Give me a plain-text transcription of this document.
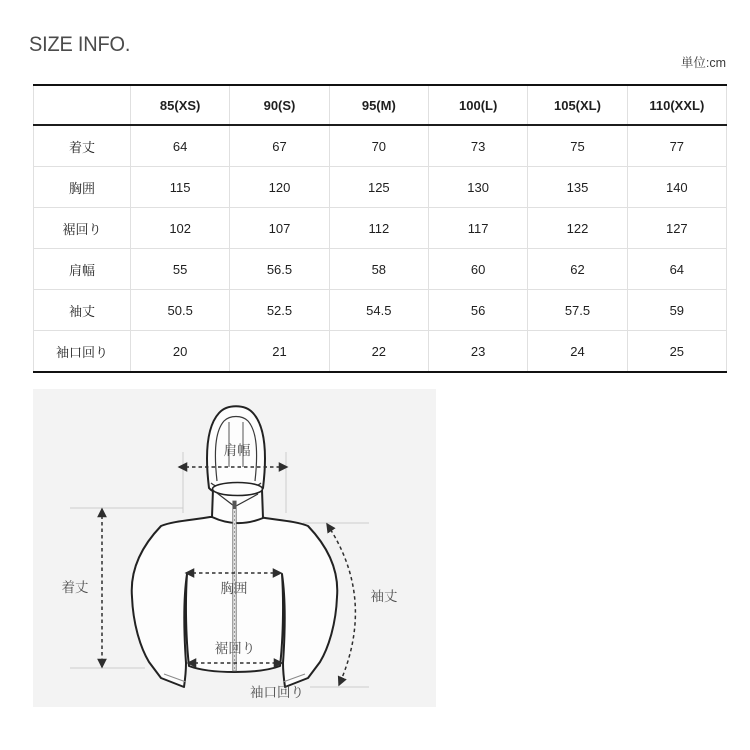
SIZE INFO.
単位:cm
	85(XS)	90(S)	95(M)	100(L)	105(XL)	110(XXL)
着丈	64	67	70	73	75	77
胸囲	115	120	125	130	135	140
裾回り	102	107	112	117	122	127
肩幅	55	56.5	58	60	62	64
袖丈	50.5	52.5	54.5	56	57.5	59
袖口回り	20	21	22	23	24	25
肩幅
着丈	胸囲
裾回り
袖丈
袖口回り
